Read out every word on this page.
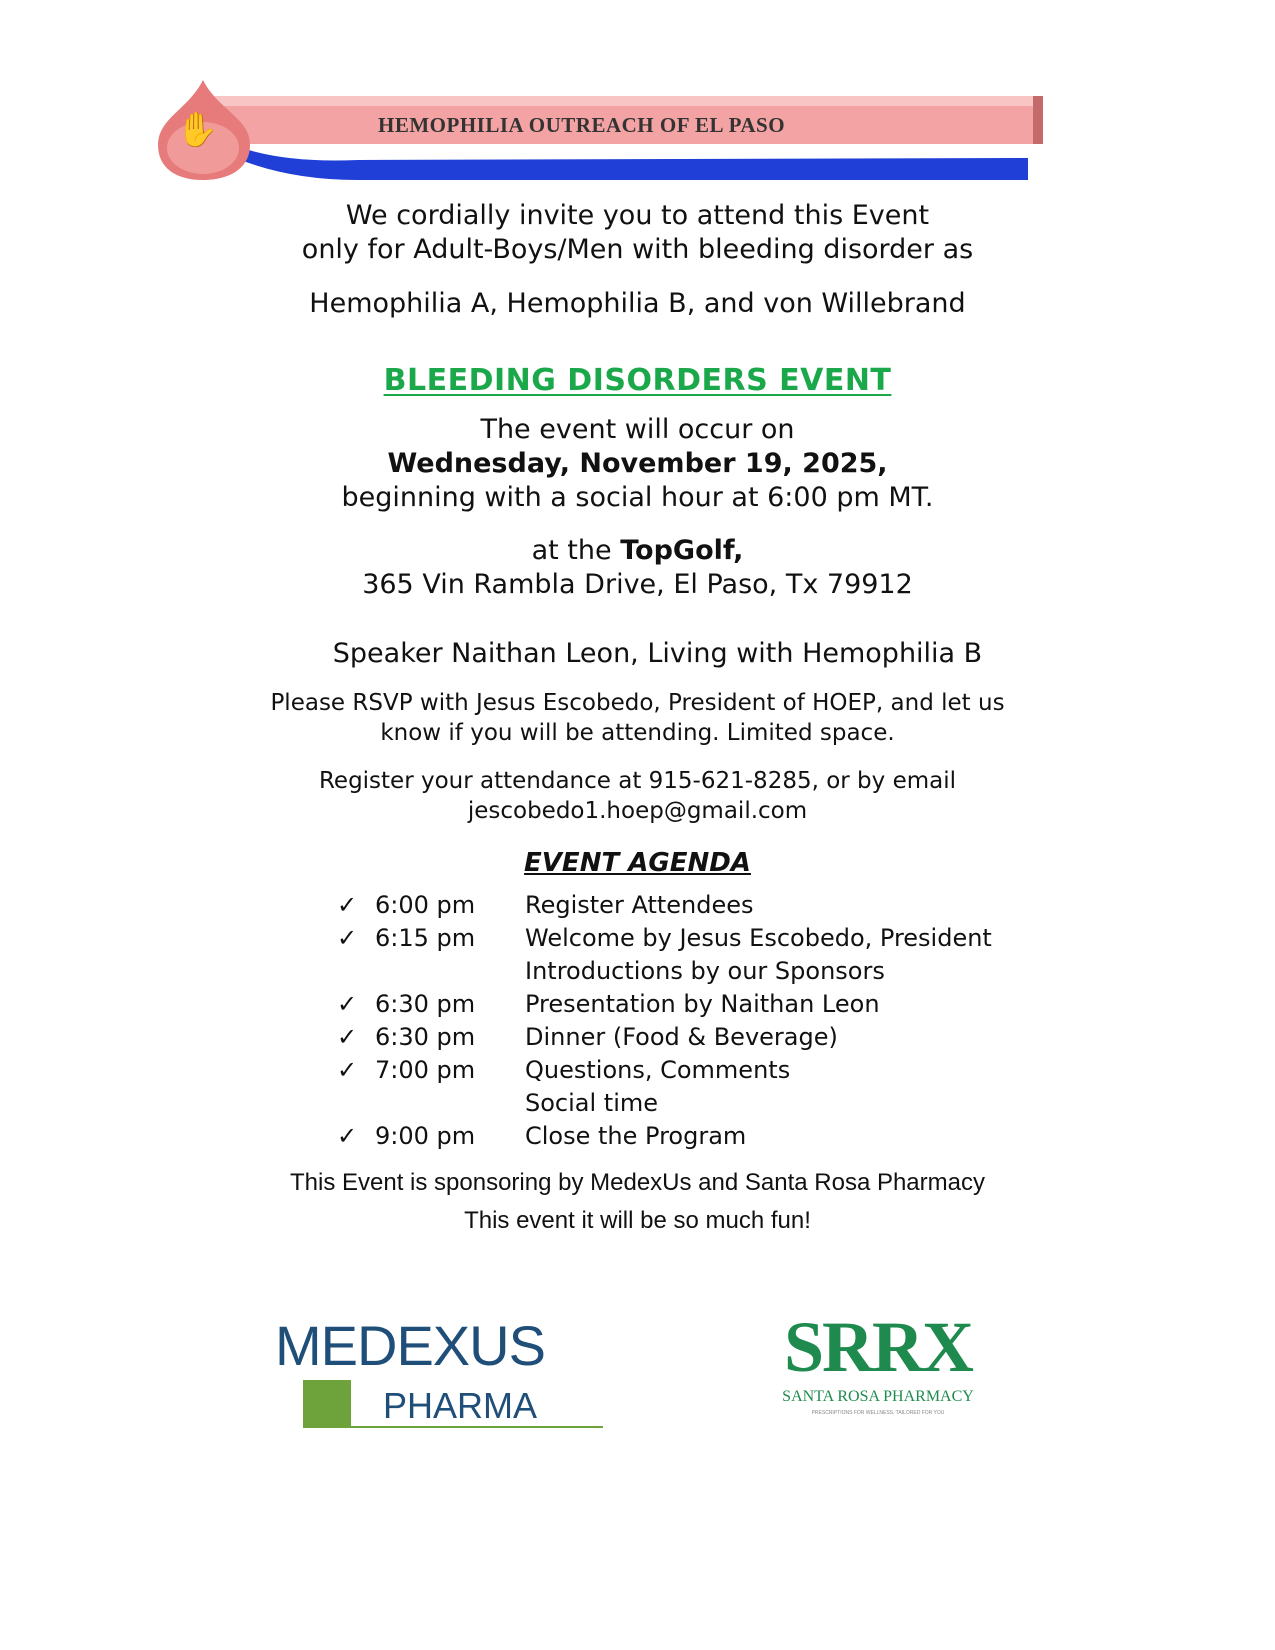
✋	HEMOPHILIA OUTREACH OF EL PASO
We cordially invite you to attend this Event
only for Adult-Boys/Men with bleeding disorder as
Hemophilia A, Hemophilia B, and von Willebrand
BLEEDING DISORDERS EVENT
The event will occur on
Wednesday, November 19, 2025,
beginning with a social hour at 6:00 pm MT.
at the TopGolf,
365 Vin Rambla Drive, El Paso, Tx 79912
Speaker Naithan Leon, Living with Hemophilia B
Please RSVP with Jesus Escobedo, President of HOEP, and let us
know if you will be attending. Limited space.
Register your attendance at 915-621-8285, or by email
jescobedo1.hoep@gmail.com
EVENT AGENDA
✓ 6:00 pm Register Attendees
✓ 6:15 pm Welcome by Jesus Escobedo, President
Introductions by our Sponsors
✓ 6:30 pm Presentation by Naithan Leon
✓ 6:30 pm Dinner (Food & Beverage)
✓ 7:00 pm Questions, Comments
Social time
✓ 9:00 pm Close the Program
This Event is sponsoring by MedexUs and Santa Rosa Pharmacy
This event it will be so much fun!
MEDEXUS
PHARMA
SRRX
SANTA ROSA PHARMACY
PRESCRIPTIONS FOR WELLNESS, TAILORED FOR YOU
